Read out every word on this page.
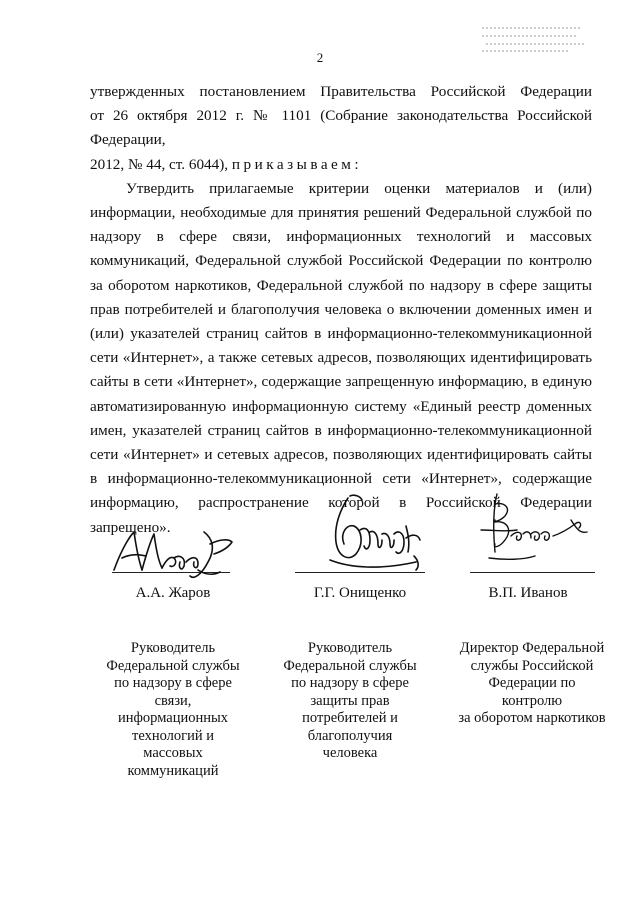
2

утвержденных постановлением Правительства Российской Федерации

от 26 октября 2012 г. № 1101 (Собрание законодательства Российской Федерации,

2012, № 44, ст. 6044), приказываем:

Утвердить прилагаемые критерии оценки материалов и (или) информации, необходимые для принятия решений Федеральной службой по надзору в сфере связи, информационных технологий и массовых коммуникаций, Федеральной службой Российской Федерации по контролю за оборотом наркотиков, Федеральной службой по надзору в сфере защиты прав потребителей и благополучия человека о включении доменных имен и (или) указателей страниц сайтов в информационно-телекоммуникационной сети «Интернет», а также сетевых адресов, позволяющих идентифицировать сайты в сети «Интернет», содержащие запрещенную информацию, в единую автоматизированную информационную систему «Единый реестр доменных имен, указателей страниц сайтов в информационно-телекоммуникационной сети «Интернет» и сетевых адресов, позволяющих идентифицировать сайты в информационно-телекоммуникационной сети «Интернет», содержащие информацию, распространение которой в Российской Федерации запрещено».

А.А. Жаров	Г.Г. Онищенко	В.П. Иванов
Руководитель
Федеральной службы
по надзору в сфере
связи,
информационных
технологий и
массовых
коммуникаций
Руководитель
Федеральной службы
по надзору в сфере
защиты прав
потребителей и
благополучия
человека
Директор Федеральной
службы Российской
Федерации по
контролю
за оборотом наркотиков
